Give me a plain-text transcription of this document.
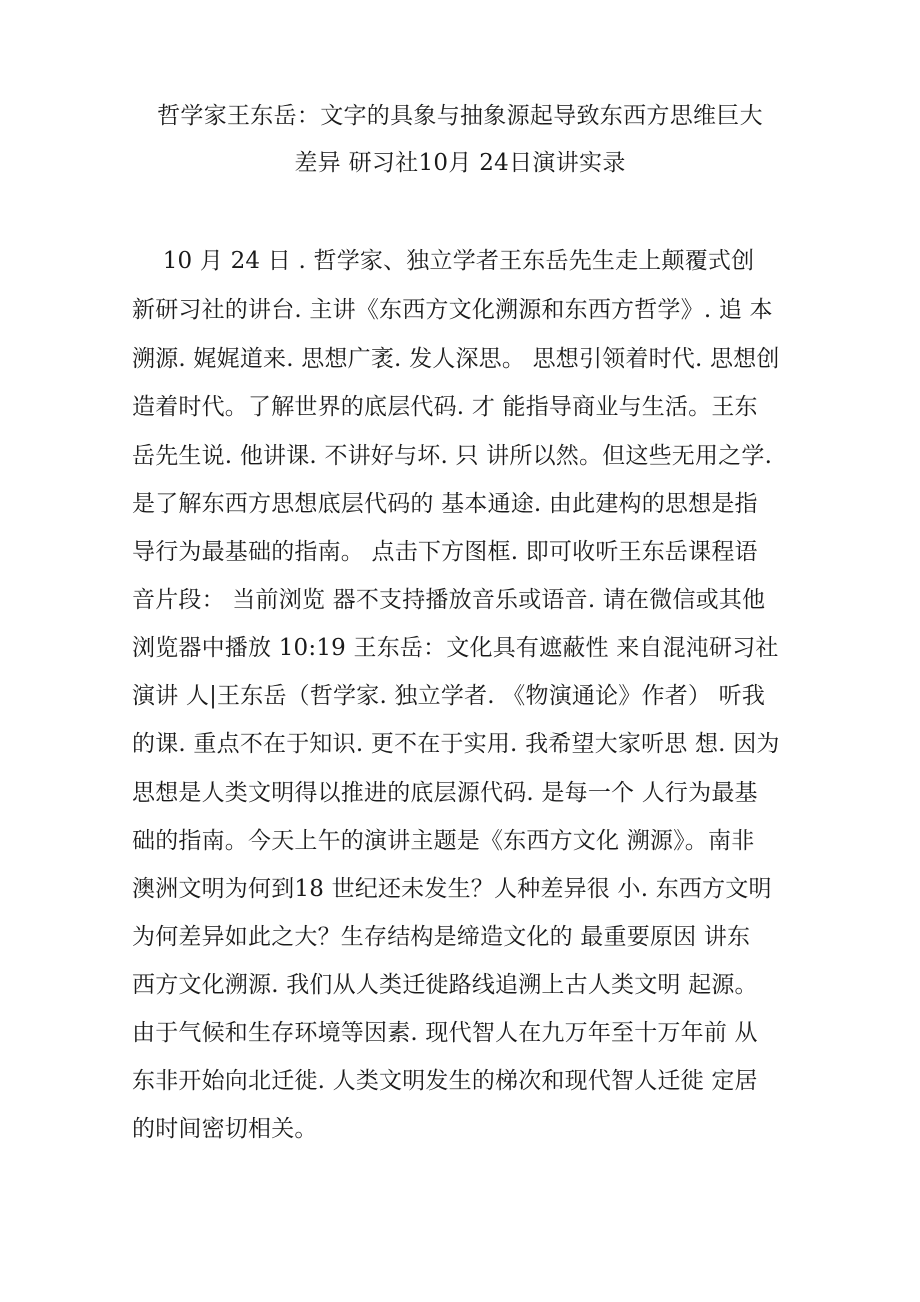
哲学家王东岳：文字的具象与抽象源起导致东西方思维巨大
差异 研习社10月 24日演讲实录
　 10 月 24 日 . 哲学家、独立学者王东岳先生走上颠覆式创
新研习社的讲台. 主讲《东西方文化溯源和东西方哲学》. 追 本
溯源. 娓娓道来. 思想广袤. 发人深思。 思想引领着时代. 思想创
造着时代。了解世界的底层代码. 才 能指导商业与生活。王东
岳先生说. 他讲课. 不讲好与坏. 只 讲所以然。但这些无用之学.
是了解东西方思想底层代码的 基本通途. 由此建构的思想是指
导行为最基础的指南。 点击下方图框. 即可收听王东岳课程语
音片段： 当前浏览 器不支持播放音乐或语音. 请在微信或其他
浏览器中播放 10:19 王东岳：文化具有遮蔽性 来自混沌研习社
演讲 人|王东岳（哲学家. 独立学者. 《物演通论》作者） 听我
的课. 重点不在于知识. 更不在于实用. 我希望大家听思 想. 因为
思想是人类文明得以推进的底层源代码. 是每一个 人行为最基
础的指南。今天上午的演讲主题是《东西方文化 溯源》。南非
澳洲文明为何到18 世纪还未发生？人种差异很 小. 东西方文明
为何差异如此之大？生存结构是缔造文化的 最重要原因 讲东
西方文化溯源. 我们从人类迁徙路线追溯上古人类文明 起源。
由于气候和生存环境等因素. 现代智人在九万年至十万年前 从
东非开始向北迁徙. 人类文明发生的梯次和现代智人迁徙 定居
的时间密切相关。
